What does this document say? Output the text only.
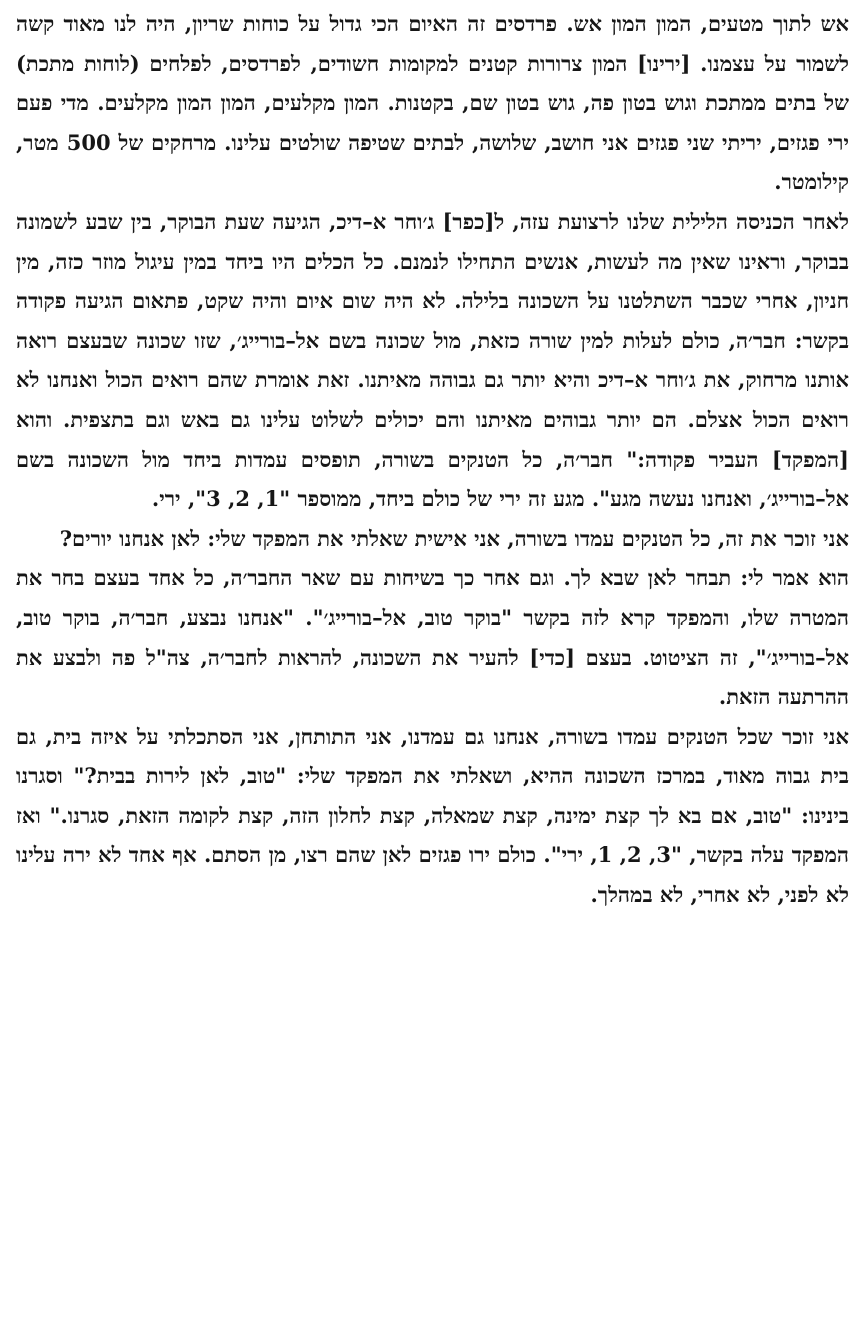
אש לתוך מטעים, המון המון אש. פרדסים זה האיום הכי גדול על כוחות שריון, היה לנו מאוד קשה לשמור על עצמנו. [ירינו] המון צרורות קטנים למקומות חשודים, לפרדסים, לפלחים (לוחות מתכת) של בתים ממתכת וגוש בטון פה, גוש בטון שם, בקטנות. המון מקלעים, המון המון מקלעים. מדי פעם ירי פגזים, יריתי שני פגזים אני חושב, שלושה, לבתים שטיפה שולטים עלינו. מרחקים של 500 מטר, קילומטר.

לאחר הכניסה הלילית שלנו לרצועת עזה, ל[כפר] ג׳וחר א–דיכ, הגיעה שעת הבוקר, בין שבע לשמונה בבוקר, וראינו שאין מה לעשות, אנשים התחילו לנמנם. כל הכלים היו ביחד במין עיגול מוזר כזה, מין חניון, אחרי שכבר השתלטנו על השכונה בלילה. לא היה שום איום והיה שקט, פתאום הגיעה פקודה בקשר: חבר׳ה, כולם לעלות למין שורה כזאת, מול שכונה בשם אל–בורייג׳, שזו שכונה שבעצם רואה אותנו מרחוק, את ג׳וחר א–דיכ והיא יותר גם גבוהה מאיתנו. זאת אומרת שהם רואים הכול ואנחנו לא רואים הכול אצלם. הם יותר גבוהים מאיתנו והם יכולים לשלוט עלינו גם באש וגם בתצפית. והוא [המפקד] העביר פקודה:" חבר׳ה, כל הטנקים בשורה, תופסים עמדות ביחד מול השכונה בשם אל–בורייג׳, ואנחנו נעשה מגע". מגע זה ירי של כולם ביחד, ממוספר "1, 2, 3", ירי.

אני זוכר את זה, כל הטנקים עמדו בשורה, אני אישית שאלתי את המפקד שלי: לאן אנחנו יורים?

הוא אמר לי: תבחר לאן שבא לך. וגם אחר כך בשיחות עם שאר החבר׳ה, כל אחד בעצם בחר את המטרה שלו, והמפקד קרא לזה בקשר "בוקר טוב, אל–בורייג׳". "אנחנו נבצע, חבר׳ה, בוקר טוב, אל–בורייג׳", זה הציטוט. בעצם [כדי] להעיר את השכונה, להראות לחבר׳ה, צה"ל פה ולבצע את ההרתעה הזאת.

אני זוכר שכל הטנקים עמדו בשורה, אנחנו גם עמדנו, אני התותחן, אני הסתכלתי על איזה בית, גם בית גבוה מאוד, במרכז השכונה ההיא, ושאלתי את המפקד שלי: "טוב, לאן לירות בבית?" וסגרנו בינינו: "טוב, אם בא לך קצת ימינה, קצת שמאלה, קצת לחלון הזה, קצת לקומה הזאת, סגרנו." ואז המפקד עלה בקשר, "3, 2, 1, ירי". כולם ירו פגזים לאן שהם רצו, מן הסתם. אף אחד לא ירה עלינו לא לפני, לא אחרי, לא במהלך.
